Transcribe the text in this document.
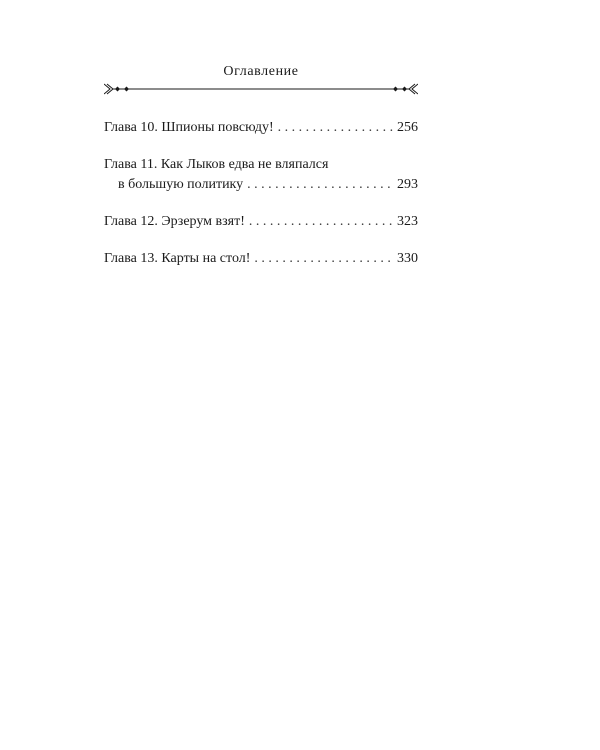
Оглавление
Глава 10. Шпионы повсюду! . . .	256
Глава 11. Как Лыков едва не вляпался
в большую политику . . .	293
Глава 12. Эрзерум взят! . . .	323
Глава 13. Карты на стол! . . .	330
